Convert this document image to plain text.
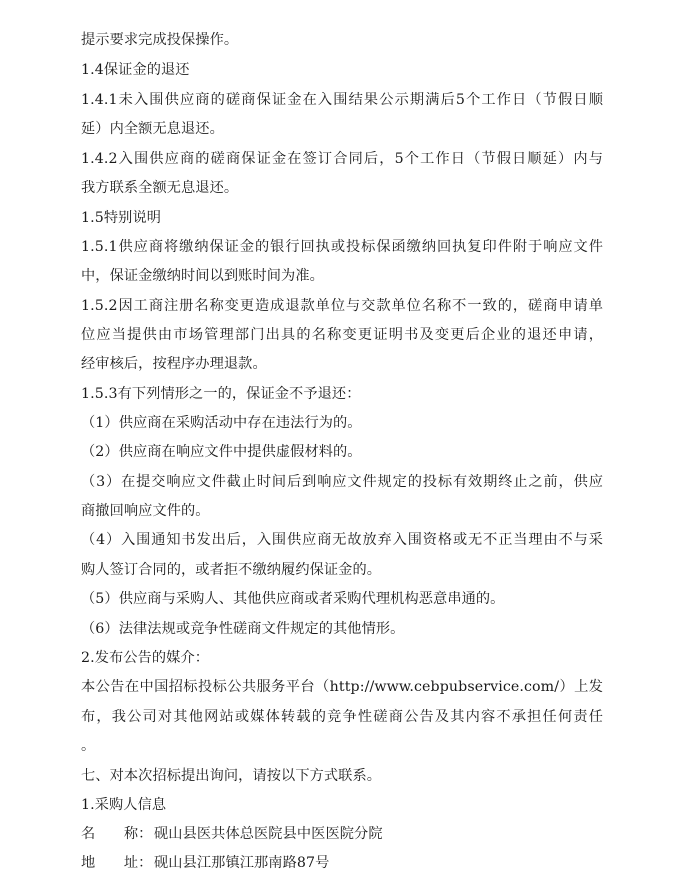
提示要求完成投保操作。
1.4保证金的退还
1.4.1未入围供应商的磋商保证金在入围结果公示期满后5个工作日（节假日顺
延）内全额无息退还。
1.4.2入围供应商的磋商保证金在签订合同后，5个工作日（节假日顺延）内与
我方联系全额无息退还。
1.5特别说明
1.5.1供应商将缴纳保证金的银行回执或投标保函缴纳回执复印件附于响应文件
中，保证金缴纳时间以到账时间为准。
1.5.2因工商注册名称变更造成退款单位与交款单位名称不一致的，磋商申请单
位应当提供由市场管理部门出具的名称变更证明书及变更后企业的退还申请，
经审核后，按程序办理退款。
1.5.3有下列情形之一的，保证金不予退还：
（1）供应商在采购活动中存在违法行为的。
（2）供应商在响应文件中提供虚假材料的。
（3）在提交响应文件截止时间后到响应文件规定的投标有效期终止之前，供应
商撤回响应文件的。
（4）入围通知书发出后，入围供应商无故放弃入围资格或无不正当理由不与采
购人签订合同的，或者拒不缴纳履约保证金的。
（5）供应商与采购人、其他供应商或者采购代理机构恶意串通的。
（6）法律法规或竞争性磋商文件规定的其他情形。
2.发布公告的媒介：
本公告在中国招标投标公共服务平台（http://www.cebpubservice.com/）上发
布，我公司对其他网站或媒体转载的竞争性磋商公告及其内容不承担任何责任
。
七、对本次招标提出询问，请按以下方式联系。
1.采购人信息
名　　称： 砚山县医共体总医院县中医医院分院
地　　址： 砚山县江那镇江那南路87号
